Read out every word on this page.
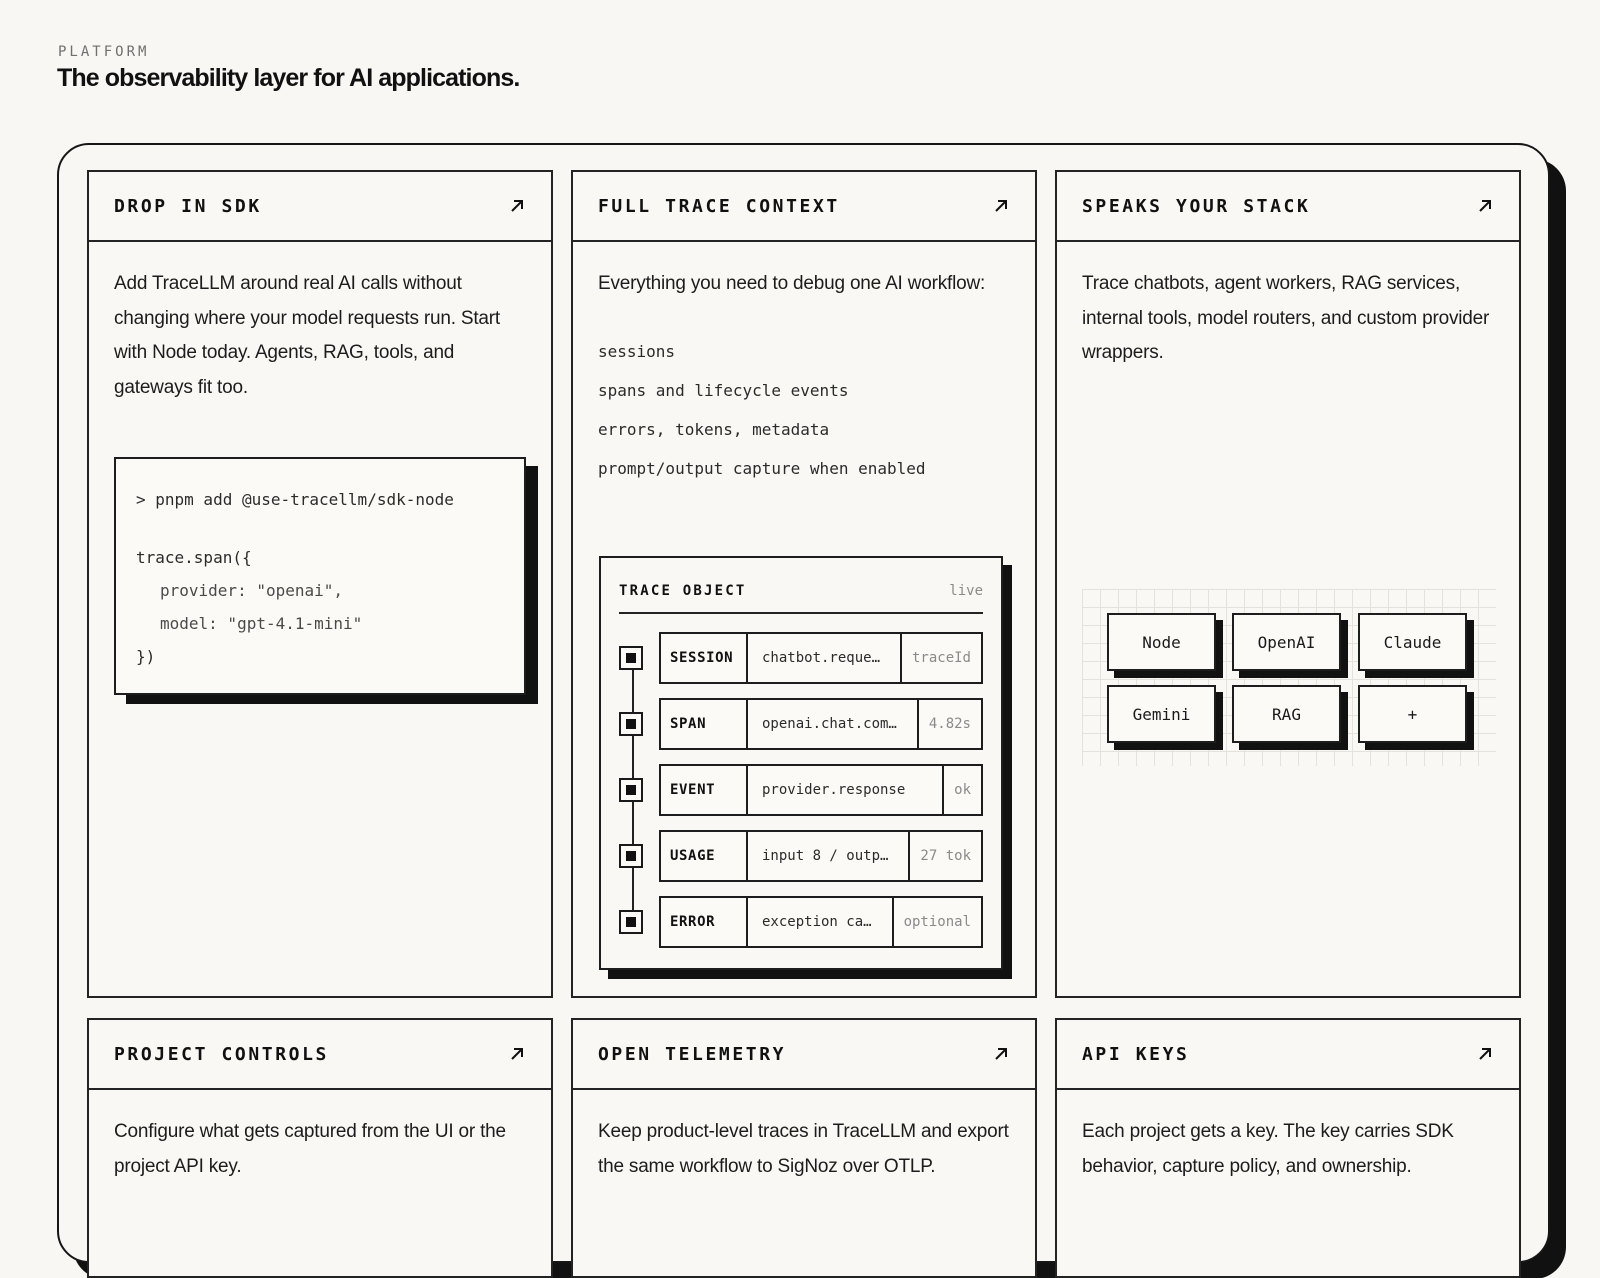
PLATFORM
The observability layer for AI applications.
DROP IN SDK

Add TraceLLM around real AI calls without changing where your model requests run. Start with Node today. Agents, RAG, tools, and gateways fit too.

> pnpm add @use-tracellm/sdk-node
trace.span({
provider: "openai",
model: "gpt-4.1-mini"
})
FULL TRACE CONTEXT

Everything you need to debug one AI workflow:

sessions
spans and lifecycle events
errors, tokens, metadata
prompt/output capture when enabled
TRACE OBJECT	live
SESSION	chatbot.reque…	traceId
SPAN	openai.chat.com…	4.82s
EVENT	provider.response	ok
USAGE	input 8 / outp…	27 tok
ERROR	exception ca…	optional
SPEAKS YOUR STACK

Trace chatbots, agent workers, RAG services, internal tools, model routers, and custom provider wrappers.

Node	OpenAI	Claude
Gemini	RAG	+
PROJECT CONTROLS

Configure what gets captured from the UI or the project API key.

OPEN TELEMETRY

Keep product-level traces in TraceLLM and export the same workflow to SigNoz over OTLP.

API KEYS

Each project gets a key. The key carries SDK behavior, capture policy, and ownership.
